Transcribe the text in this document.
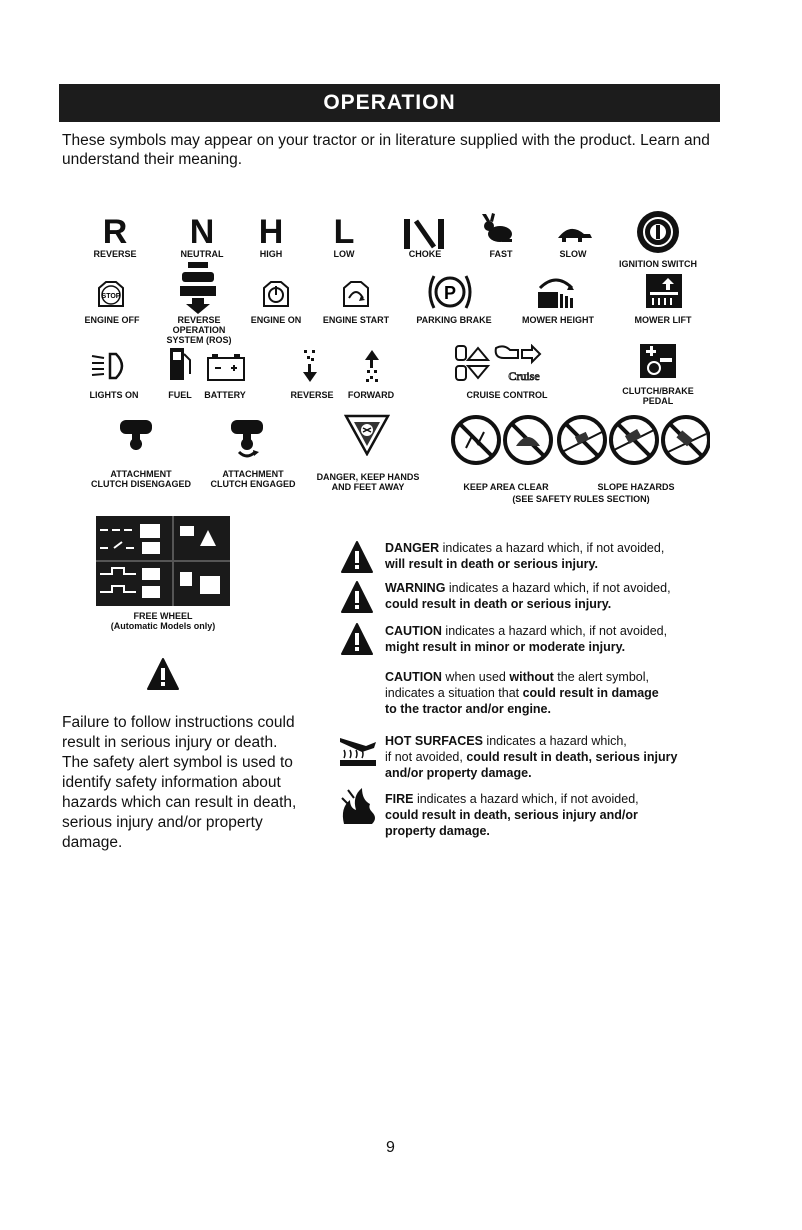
OPERATION
These symbols may appear on your tractor or in literature supplied with the product. Learn and understand their meaning.
R
REVERSE
N
NEUTRAL
H
HIGH
L
LOW	CHOKE	FAST	SLOW
IGNITION SWITCH
STOP
ENGINE OFF	REVERSE
OPERATION
SYSTEM (ROS)
ENGINE ON	ENGINE START
P
PARKING BRAKE	MOWER HEIGHT	MOWER LIFT
LIGHTS ON	FUEL	BATTERY	REVERSE	FORWARD
Cruise
CRUISE CONTROL	CLUTCH/BRAKE
PEDAL
ATTACHMENT
CLUTCH DISENGAGED
ATTACHMENT
CLUTCH ENGAGED
DANGER, KEEP HANDS
AND FEET AWAY	KEEP AREA CLEAR	SLOPE HAZARDS
(SEE SAFETY RULES SECTION)
FREE WHEEL
(Automatic Models only)
Failure to follow instructions could result in serious injury or death. The safety alert symbol is used to identify safety information about hazards which can result in death, serious injury and/or property damage.
DANGER indicates a hazard which, if not avoided,
will result in death or serious injury.
WARNING indicates a hazard which, if not avoided,
could result in death or serious injury.
CAUTION indicates a hazard which, if not avoided,
might result in minor or moderate injury.
CAUTION when used without the alert symbol,
indicates a situation that could result in damage
to the tractor and/or engine.
HOT SURFACES indicates a hazard which,
if not avoided, could result in death, serious injury
and/or property damage.
FIRE indicates a hazard which, if not avoided,
could result in death, serious injury and/or
property damage.
9
